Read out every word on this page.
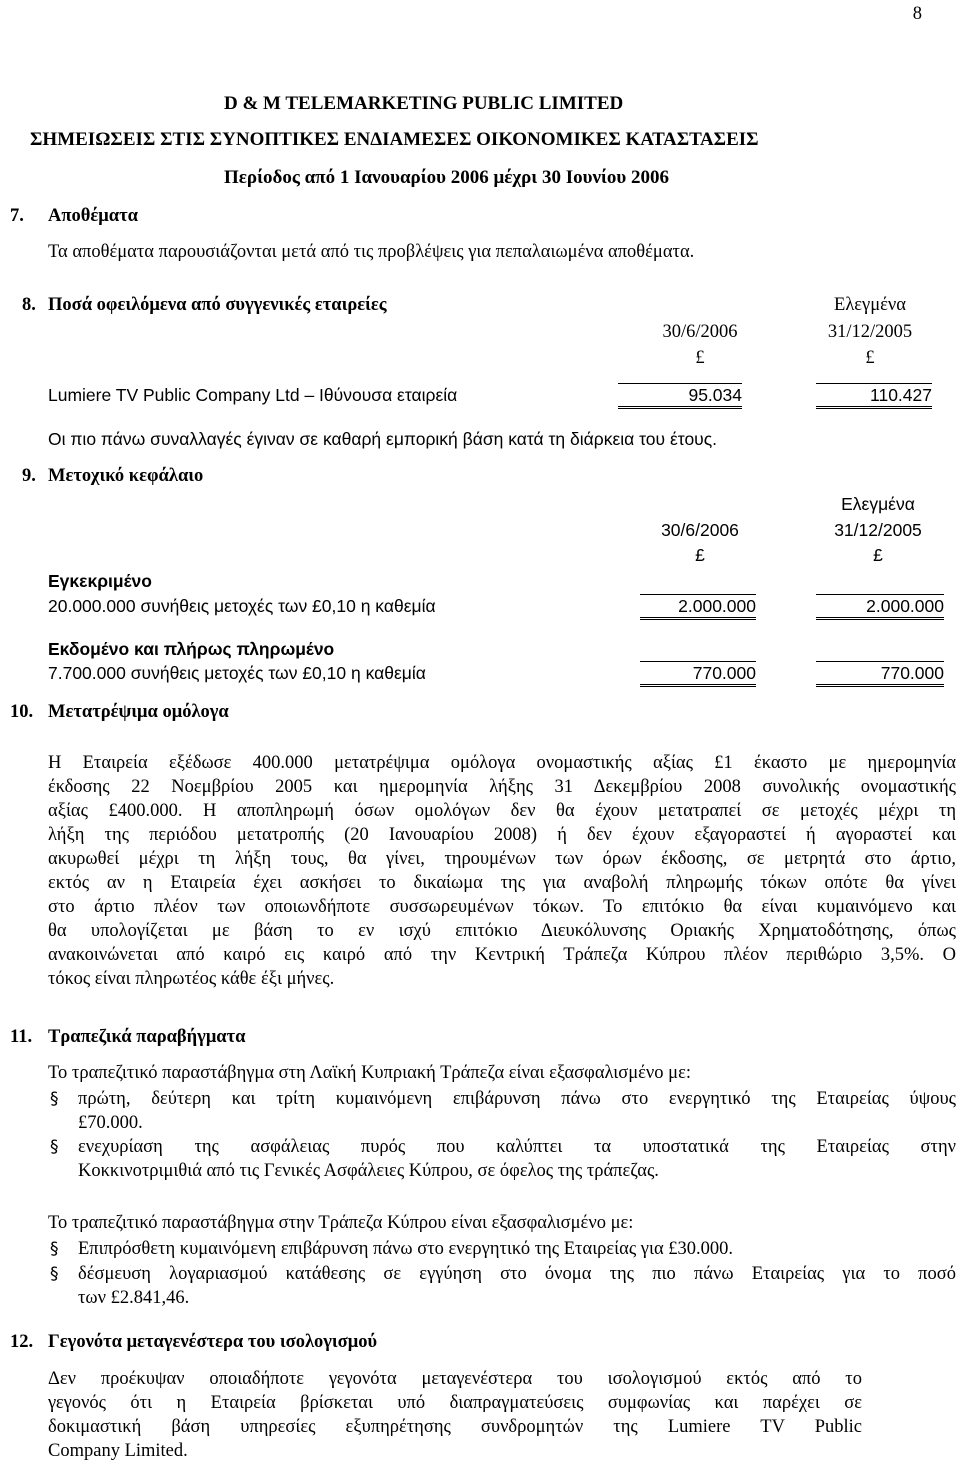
8
D & M TELEMARKETING PUBLIC LIMITED
ΣΗΜΕΙΩΣΕΙΣ ΣΤΙΣ ΣΥΝΟΠΤΙΚΕΣ ΕΝΔΙΑΜΕΣΕΣ ΟΙΚΟΝΟΜΙΚΕΣ ΚΑΤΑΣΤΑΣΕΙΣ
Περίοδος από 1 Ιανουαρίου 2006 μέχρι 30 Ιουνίου 2006
7. Αποθέματα
Τα αποθέματα παρουσιάζονται μετά από τις προβλέψεις για πεπαλαιωμένα αποθέματα.
8. Ποσά οφειλόμενα από συγγενικές εταιρείες	Ελεγμένα
30/6/2006	31/12/2005
£	£
Lumiere TV Public Company Ltd – Ιθύνουσα εταιρεία	95.034	110.427
Οι πιο πάνω συναλλαγές έγιναν σε καθαρή εμπορική βάση κατά τη διάρκεια του έτους.
9. Μετοχικό κεφάλαιο
Ελεγμένα
30/6/2006	31/12/2005
£	£
Εγκεκριμένο
20.000.000 συνήθεις μετοχές των £0,10 η καθεμία	2.000.000	2.000.000
Εκδομένο και πλήρως πληρωμένο
7.700.000 συνήθεις μετοχές των £0,10 η καθεμία	770.000	770.000
10. Μετατρέψιμα ομόλογα
Η Εταιρεία εξέδωσε 400.000 μετατρέψιμα ομόλογα ονομαστικής αξίας £1 έκαστο με ημερομηνία
έκδοσης 22 Νοεμβρίου 2005 και ημερομηνία λήξης 31 Δεκεμβρίου 2008 συνολικής ονομαστικής
αξίας £400.000. Η αποπληρωμή όσων ομολόγων δεν θα έχουν μετατραπεί σε μετοχές μέχρι τη
λήξη της περιόδου μετατροπής (20 Ιανουαρίου 2008) ή δεν έχουν εξαγοραστεί ή αγοραστεί και
ακυρωθεί μέχρι τη λήξη τους, θα γίνει, τηρουμένων των όρων έκδοσης, σε μετρητά στο άρτιο,
εκτός αν η Εταιρεία έχει ασκήσει το δικαίωμα της για αναβολή πληρωμής τόκων οπότε θα γίνει
στο άρτιο πλέον των οποιωνδήποτε συσσωρευμένων τόκων. Το επιτόκιο θα είναι κυμαινόμενο και
θα υπολογίζεται με βάση το εν ισχύ επιτόκιο Διευκόλυνσης Οριακής Χρηματοδότησης, όπως
ανακοινώνεται από καιρό εις καιρό από την Κεντρική Τράπεζα Κύπρου πλέον περιθώριο 3,5%. Ο
τόκος είναι πληρωτέος κάθε έξι μήνες.
11. Τραπεζικά παραβήγματα
Το τραπεζιτικό παραστάβηγμα στη Λαϊκή Κυπριακή Τράπεζα είναι εξασφαλισμένο με:
§ πρώτη, δεύτερη και τρίτη κυμαινόμενη επιβάρυνση πάνω στο ενεργητικό της Εταιρείας ύψους
£70.000.
§ ενεχυρίαση της ασφάλειας πυρός που καλύπτει τα υποστατικά της Εταιρείας στην
Κοκκινοτριμιθιά από τις Γενικές Ασφάλειες Κύπρου, σε όφελος της τράπεζας.
Το τραπεζιτικό παραστάβηγμα στην Τράπεζα Κύπρου είναι εξασφαλισμένο με:
§ Επιπρόσθετη κυμαινόμενη επιβάρυνση πάνω στο ενεργητικό της Εταιρείας για £30.000.
§ δέσμευση λογαριασμού κατάθεσης σε εγγύηση στο όνομα της πιο πάνω Εταιρείας για το ποσό
των £2.841,46.
12. Γεγονότα μεταγενέστερα του ισολογισμού
Δεν προέκυψαν οποιαδήποτε γεγονότα μεταγενέστερα του ισολογισμού εκτός από το
γεγονός ότι η Εταιρεία βρίσκεται υπό διαπραγματεύσεις συμφωνίας και παρέχει σε
δοκιμαστική βάση υπηρεσίες εξυπηρέτησης συνδρομητών της Lumiere TV Public
Company Limited.
